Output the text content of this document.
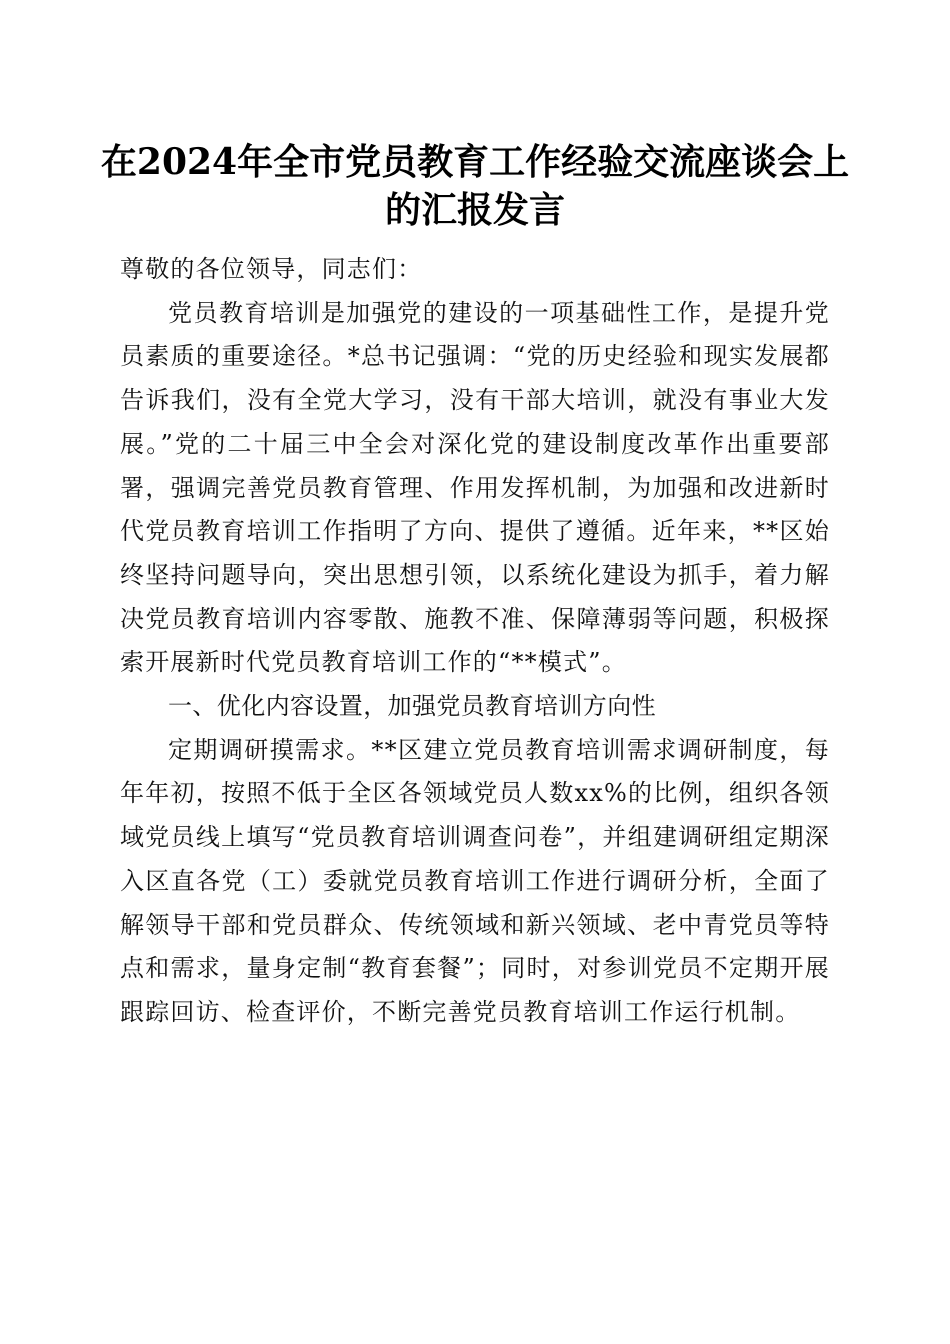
在2024年全市党员教育工作经验交流座谈会上的汇报发言

尊敬的各位领导，同志们：

党员教育培训是加强党的建设的一项基础性工作，是提升党员素质的重要途径。*总书记强调：“党的历史经验和现实发展都告诉我们，没有全党大学习，没有干部大培训，就没有事业大发展。”党的二十届三中全会对深化党的建设制度改革作出重要部署，强调完善党员教育管理、作用发挥机制，为加强和改进新时代党员教育培训工作指明了方向、提供了遵循。近年来，**区始终坚持问题导向，突出思想引领，以系统化建设为抓手，着力解决党员教育培训内容零散、施教不准、保障薄弱等问题，积极探索开展新时代党员教育培训工作的“**模式”。

一、优化内容设置，加强党员教育培训方向性

定期调研摸需求。**区建立党员教育培训需求调研制度，每年年初，按照不低于全区各领域党员人数xx%的比例，组织各领域党员线上填写“党员教育培训调查问卷”，并组建调研组定期深入区直各党（工）委就党员教育培训工作进行调研分析，全面了解领导干部和党员群众、传统领域和新兴领域、老中青党员等特点和需求，量身定制“教育套餐”；同时，对参训党员不定期开展跟踪回访、检查评价，不断完善党员教育培训工作运行机制。
